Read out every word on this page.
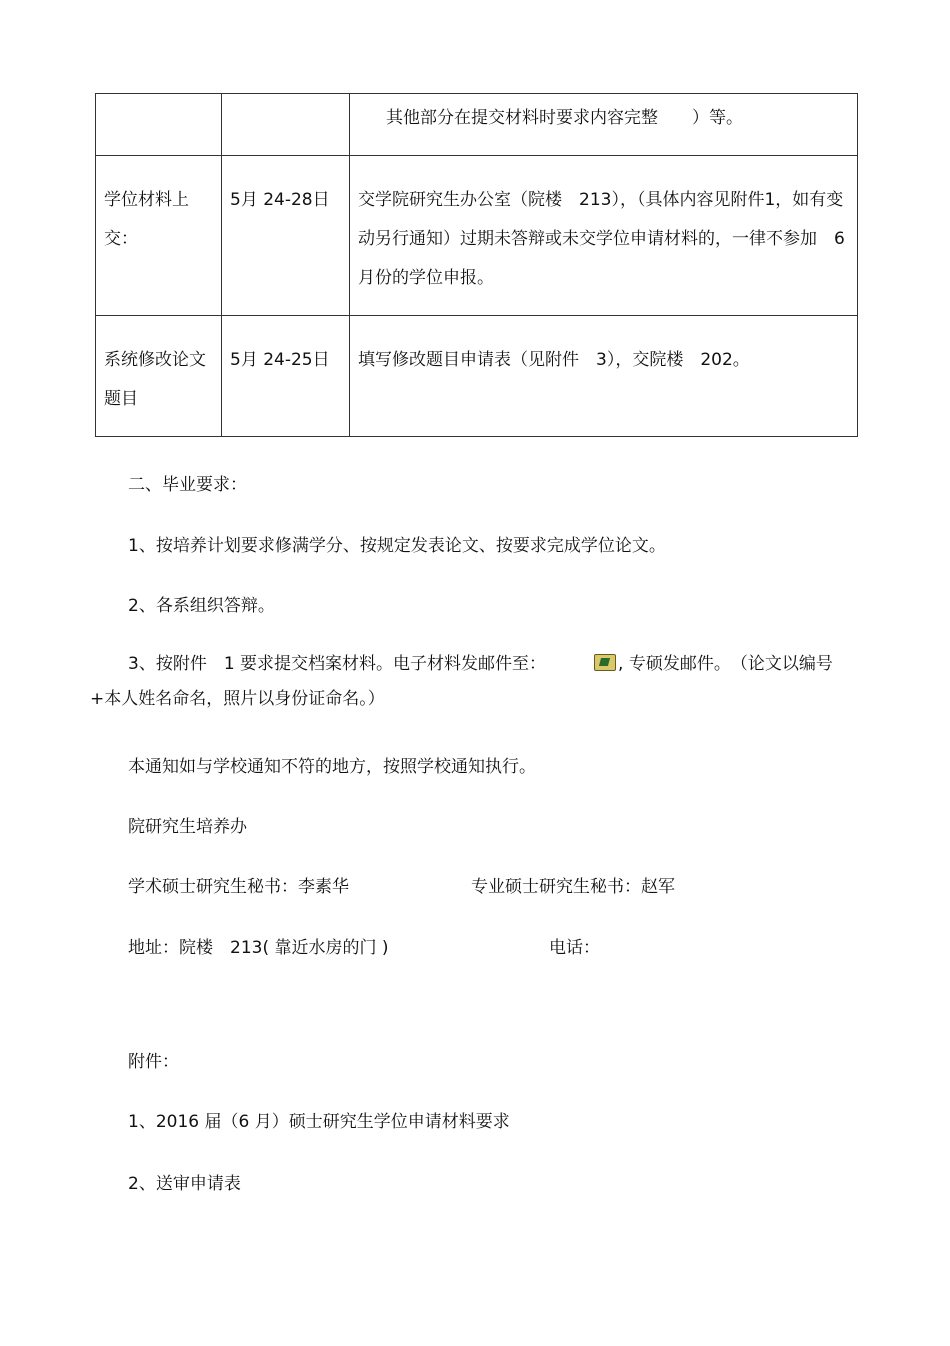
		其他部分在提交材料时要求内容完整　　）等。
学位材料上交：	5月 24-28日	交学院研究生办公室（院楼　213），（具体内容见附件1，如有变动另行通知）过期未答辩或未交学位申请材料的，一律不参加　6 月份的学位申报。
系统修改论文题目	5月 24-25日	填写修改题目申请表（见附件　3），交院楼　202。

二、毕业要求：

1、按培养计划要求修满学分、按规定发表论文、按要求完成学位论文。

2、各系组织答辩。

3、按附件　1 要求提交档案材料。电子材料发邮件至：	, 专硕发邮件。　（论文以编号+本人姓名命名，照片以身份证命名。）

本通知如与学校通知不符的地方，按照学校通知执行。

院研究生培养办

学术硕士研究生秘书：李素华	专业硕士研究生秘书：赵军

地址：院楼　213( 靠近水房的门 )	电话：

附件：

1、2016 届（6 月）硕士研究生学位申请材料要求

2、送审申请表
